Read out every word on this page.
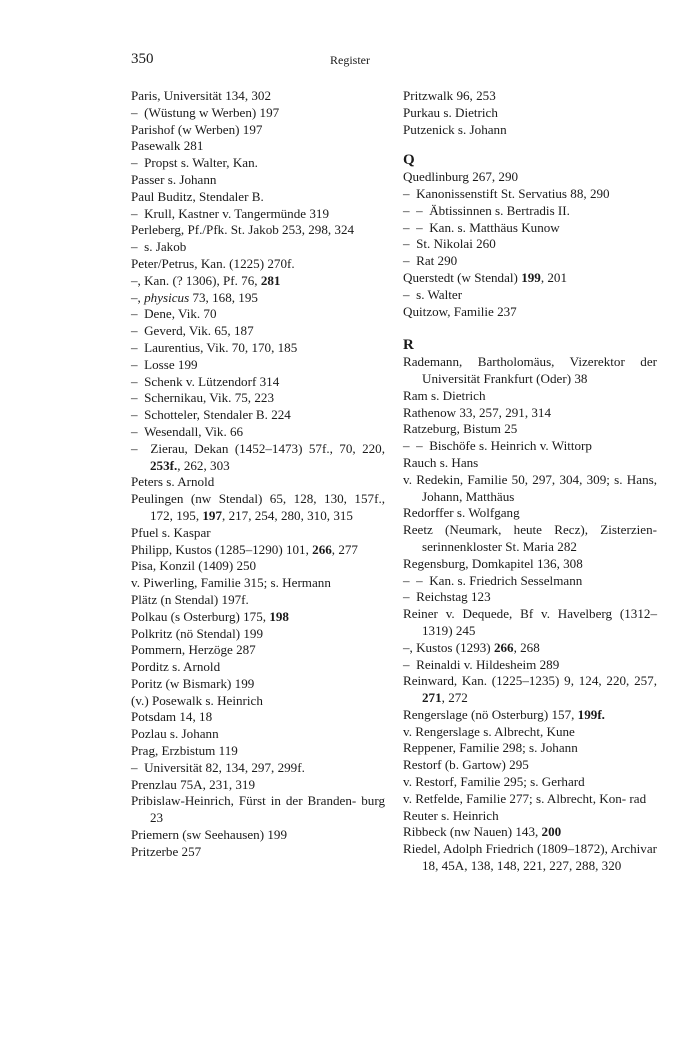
350	Register
Paris, Universität 134, 302
–  (Wüstung w Werben) 197
Parishof (w Werben) 197
Pasewalk 281
–  Propst s. Walter, Kan.
Passer s. Johann
Paul Buditz, Stendaler B.
–  Krull, Kastner v. Tangermünde 319
Perleberg, Pf./Pfk. St. Jakob 253, 298, 324
–  s. Jakob
Peter/Petrus, Kan. (1225) 270f.
–, Kan. (? 1306), Pf. 76, 281
–, physicus 73, 168, 195
–  Dene, Vik. 70
–  Geverd, Vik. 65, 187
–  Laurentius, Vik. 70, 170, 185
–  Losse 199
–  Schenk v. Lützendorf 314
–  Schernikau, Vik. 75, 223
–  Schotteler, Stendaler B. 224
–  Wesendall, Vik. 66
–  Zierau, Dekan (1452–1473) 57f., 70, 220, 253f., 262, 303
Peters s. Arnold
Peulingen (nw Stendal) 65, 128, 130, 157f., 172, 195, 197, 217, 254, 280, 310, 315
Pfuel s. Kaspar
Philipp, Kustos (1285–1290) 101, 266, 277
Pisa, Konzil (1409) 250
v. Piwerling, Familie 315; s. Hermann
Plätz (n Stendal) 197f.
Polkau (s Osterburg) 175, 198
Polkritz (nö Stendal) 199
Pommern, Herzöge 287
Porditz s. Arnold
Poritz (w Bismark) 199
(v.) Posewalk s. Heinrich
Potsdam 14, 18
Pozlau s. Johann
Prag, Erzbistum 119
–  Universität 82, 134, 297, 299f.
Prenzlau 75A, 231, 319
Pribislaw-Heinrich, Fürst in der Branden- burg 23
Priemern (sw Seehausen) 199
Pritzerbe 257
Pritzwalk 96, 253
Purkau s. Dietrich
Putzenick s. Johann
Q
Quedlinburg 267, 290
–  Kanonissenstift St. Servatius 88, 290
–  –  Äbtissinnen s. Bertradis II.
–  –  Kan. s. Matthäus Kunow
–  St. Nikolai 260
–  Rat 290
Querstedt (w Stendal) 199, 201
–  s. Walter
Quitzow, Familie 237
R
Rademann, Bartholomäus, Vizerektor der Universität Frankfurt (Oder) 38
Ram s. Dietrich
Rathenow 33, 257, 291, 314
Ratzeburg, Bistum 25
–  –  Bischöfe s. Heinrich v. Wittorp
Rauch s. Hans
v. Redekin, Familie 50, 297, 304, 309; s. Hans, Johann, Matthäus
Redorffer s. Wolfgang
Reetz (Neumark, heute Recz), Zisterzien- serinnenkloster St. Maria 282
Regensburg, Domkapitel 136, 308
–  –  Kan. s. Friedrich Sesselmann
–  Reichstag 123
Reiner v. Dequede, Bf v. Havelberg (1312–1319) 245
–, Kustos (1293) 266, 268
–  Reinaldi v. Hildesheim 289
Reinward, Kan. (1225–1235) 9, 124, 220, 257, 271, 272
Rengerslage (nö Osterburg) 157, 199f.
v. Rengerslage s. Albrecht, Kune
Reppener, Familie 298; s. Johann
Restorf (b. Gartow) 295
v. Restorf, Familie 295; s. Gerhard
v. Retfelde, Familie 277; s. Albrecht, Kon- rad
Reuter s. Heinrich
Ribbeck (nw Nauen) 143, 200
Riedel, Adolph Friedrich (1809–1872), Archivar 18, 45A, 138, 148, 221, 227, 288, 320
